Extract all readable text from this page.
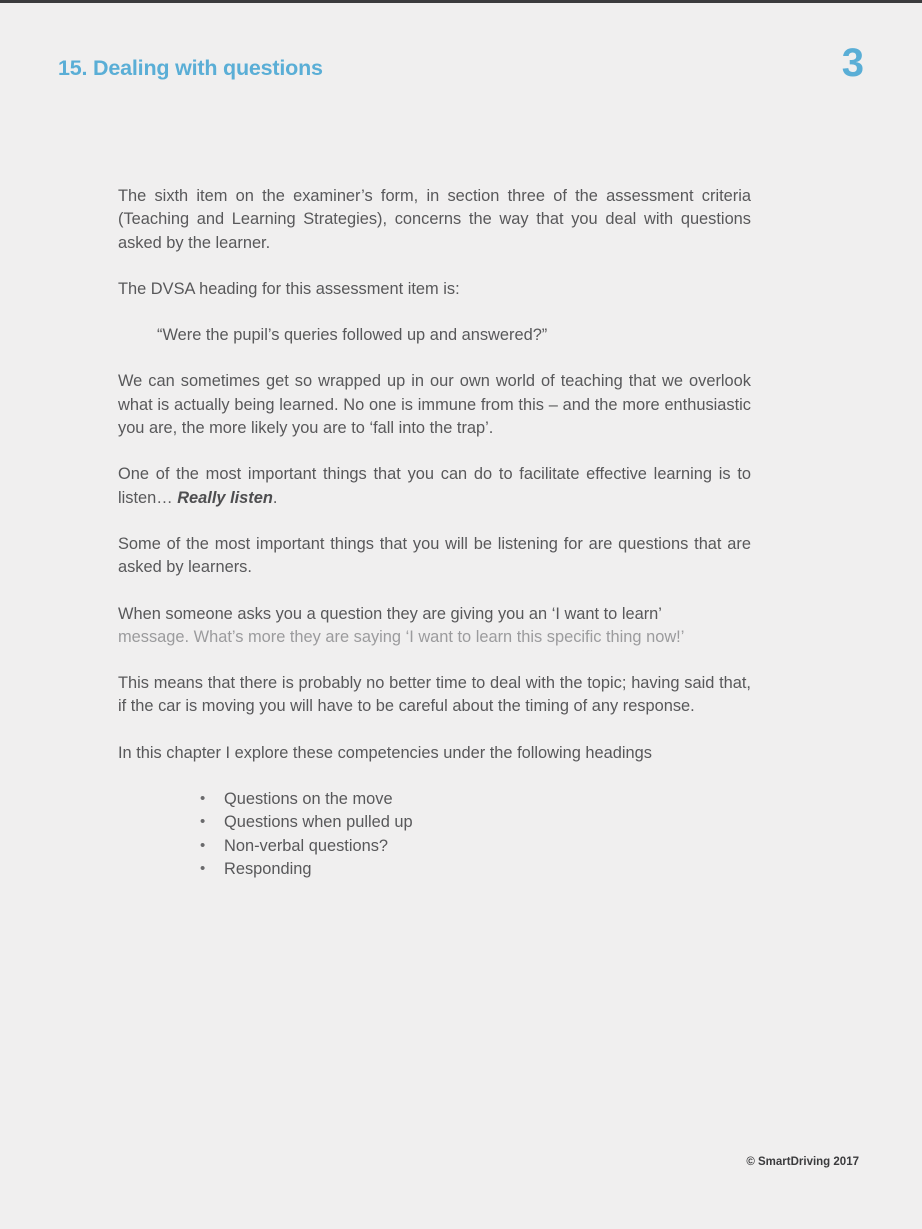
15. Dealing with questions	3

The sixth item on the examiner’s form, in section three of the assessment criteria (Teaching and Learning Strategies), concerns the way that you deal with questions asked by the learner.

The DVSA heading for this assessment item is:

“Were the pupil’s queries followed up and answered?”

We can sometimes get so wrapped up in our own world of teaching that we overlook what is actually being learned. No one is immune from this – and the more enthusiastic you are, the more likely you are to ‘fall into the trap’.

One of the most important things that you can do to facilitate effective learning is to listen… Really listen.

Some of the most important things that you will be listening for are questions that are asked by learners.

When someone asks you a question they are giving you an ‘I want to learn’
message. What’s more they are saying ‘I want to learn this specific thing now!’

This means that there is probably no better time to deal with the topic; having said that, if the car is moving you will have to be careful about the timing of any response.

In this chapter I explore these competencies under the following headings

• Questions on the move
• Questions when pulled up
• Non-verbal questions?
• Responding
© SmartDriving 2017
